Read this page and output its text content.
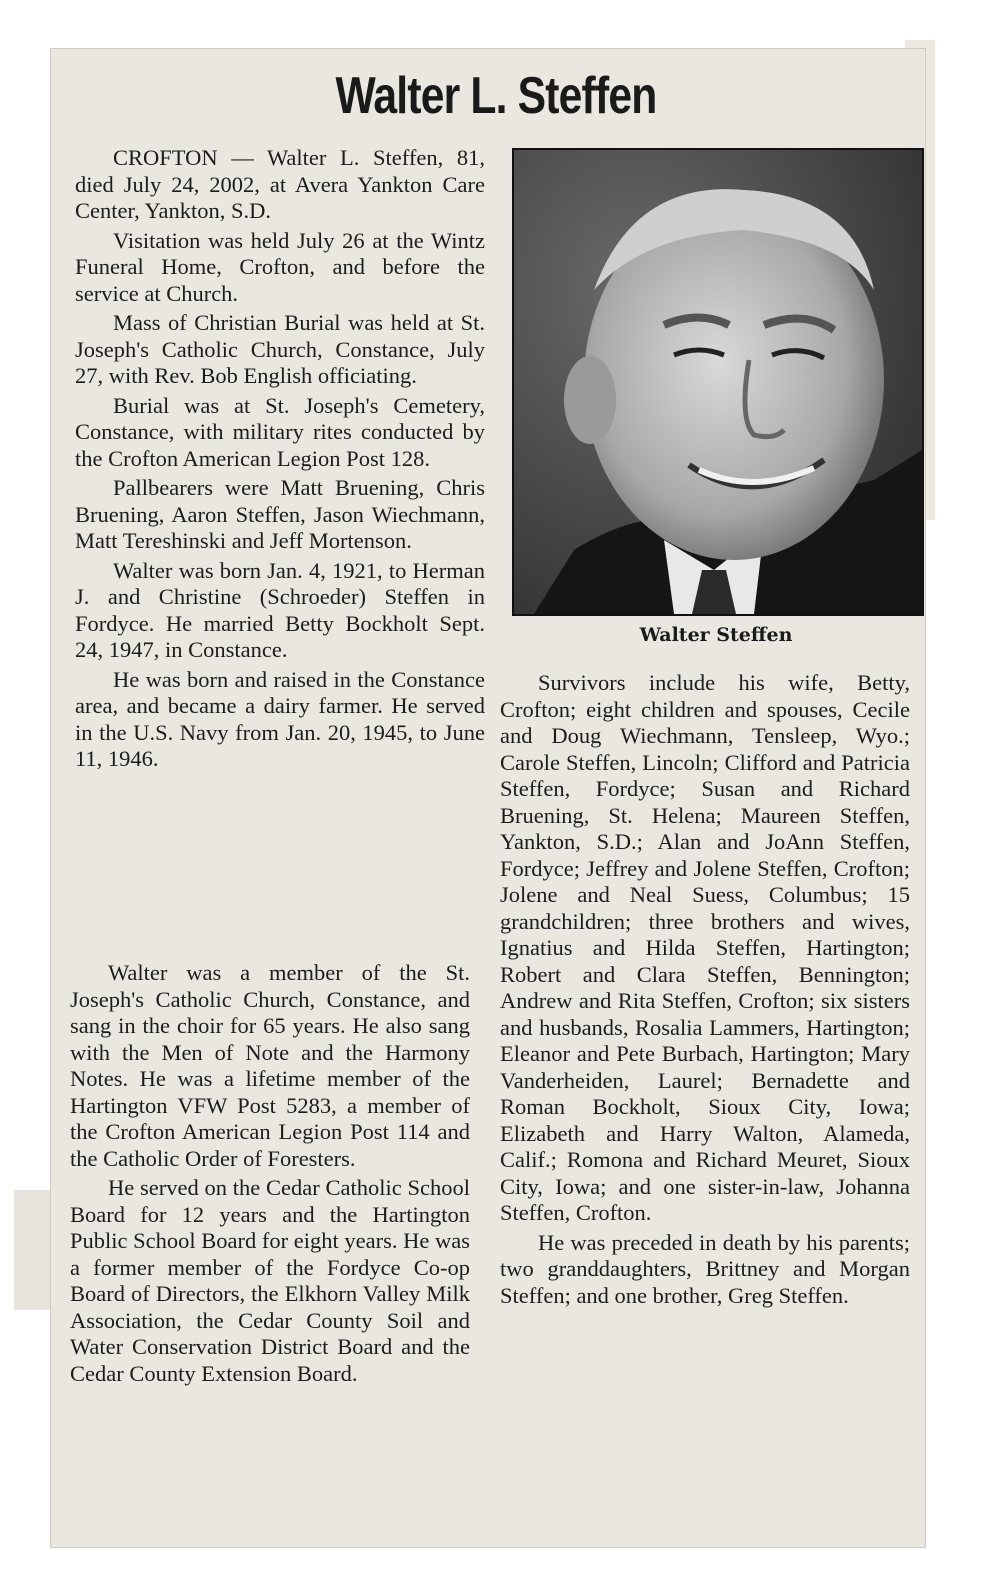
Walter L. Steffen

CROFTON — Walter L. Steffen, 81, died July 24, 2002, at Avera Yankton Care Center, Yankton, S.D.

Visitation was held July 26 at the Wintz Funeral Home, Crofton, and before the service at Church.

Mass of Christian Burial was held at St. Joseph's Catholic Church, Constance, July 27, with Rev. Bob English officiating.

Burial was at St. Joseph's Cemetery, Constance, with military rites conducted by the Crofton American Legion Post 128.

Pallbearers were Matt Bruening, Chris Bruening, Aaron Steffen, Jason Wiechmann, Matt Tereshinski and Jeff Mortenson.

Walter was born Jan. 4, 1921, to Herman J. and Christine (Schroeder) Steffen in Fordyce. He married Betty Bockholt Sept. 24, 1947, in Constance.

He was born and raised in the Constance area, and became a dairy farmer. He served in the U.S. Navy from Jan. 20, 1945, to June 11, 1946.

Walter was a member of the St. Joseph's Catholic Church, Constance, and sang in the choir for 65 years. He also sang with the Men of Note and the Harmony Notes. He was a lifetime member of the Hartington VFW Post 5283, a member of the Crofton American Legion Post 114 and the Catholic Order of Foresters.

He served on the Cedar Catholic School Board for 12 years and the Hartington Public School Board for eight years. He was a former member of the Fordyce Co-op Board of Directors, the Elkhorn Valley Milk Association, the Cedar County Soil and Water Conservation District Board and the Cedar County Extension Board.

Walter Steffen

Survivors include his wife, Betty, Crofton; eight children and spouses, Cecile and Doug Wiechmann, Tensleep, Wyo.; Carole Steffen, Lincoln; Clifford and Patricia Steffen, Fordyce; Susan and Richard Bruening, St. Helena; Maureen Steffen, Yankton, S.D.; Alan and JoAnn Steffen, Fordyce; Jeffrey and Jolene Steffen, Crofton; Jolene and Neal Suess, Columbus; 15 grandchildren; three brothers and wives, Ignatius and Hilda Steffen, Hartington; Robert and Clara Steffen, Bennington; Andrew and Rita Steffen, Crofton; six sisters and husbands, Rosalia Lammers, Hartington; Eleanor and Pete Burbach, Hartington; Mary Vanderheiden, Laurel; Bernadette and Roman Bockholt, Sioux City, Iowa; Elizabeth and Harry Walton, Alameda, Calif.; Romona and Richard Meuret, Sioux City, Iowa; and one sister-in-law, Johanna Steffen, Crofton.

He was preceded in death by his parents; two granddaughters, Brittney and Morgan Steffen; and one brother, Greg Steffen.
